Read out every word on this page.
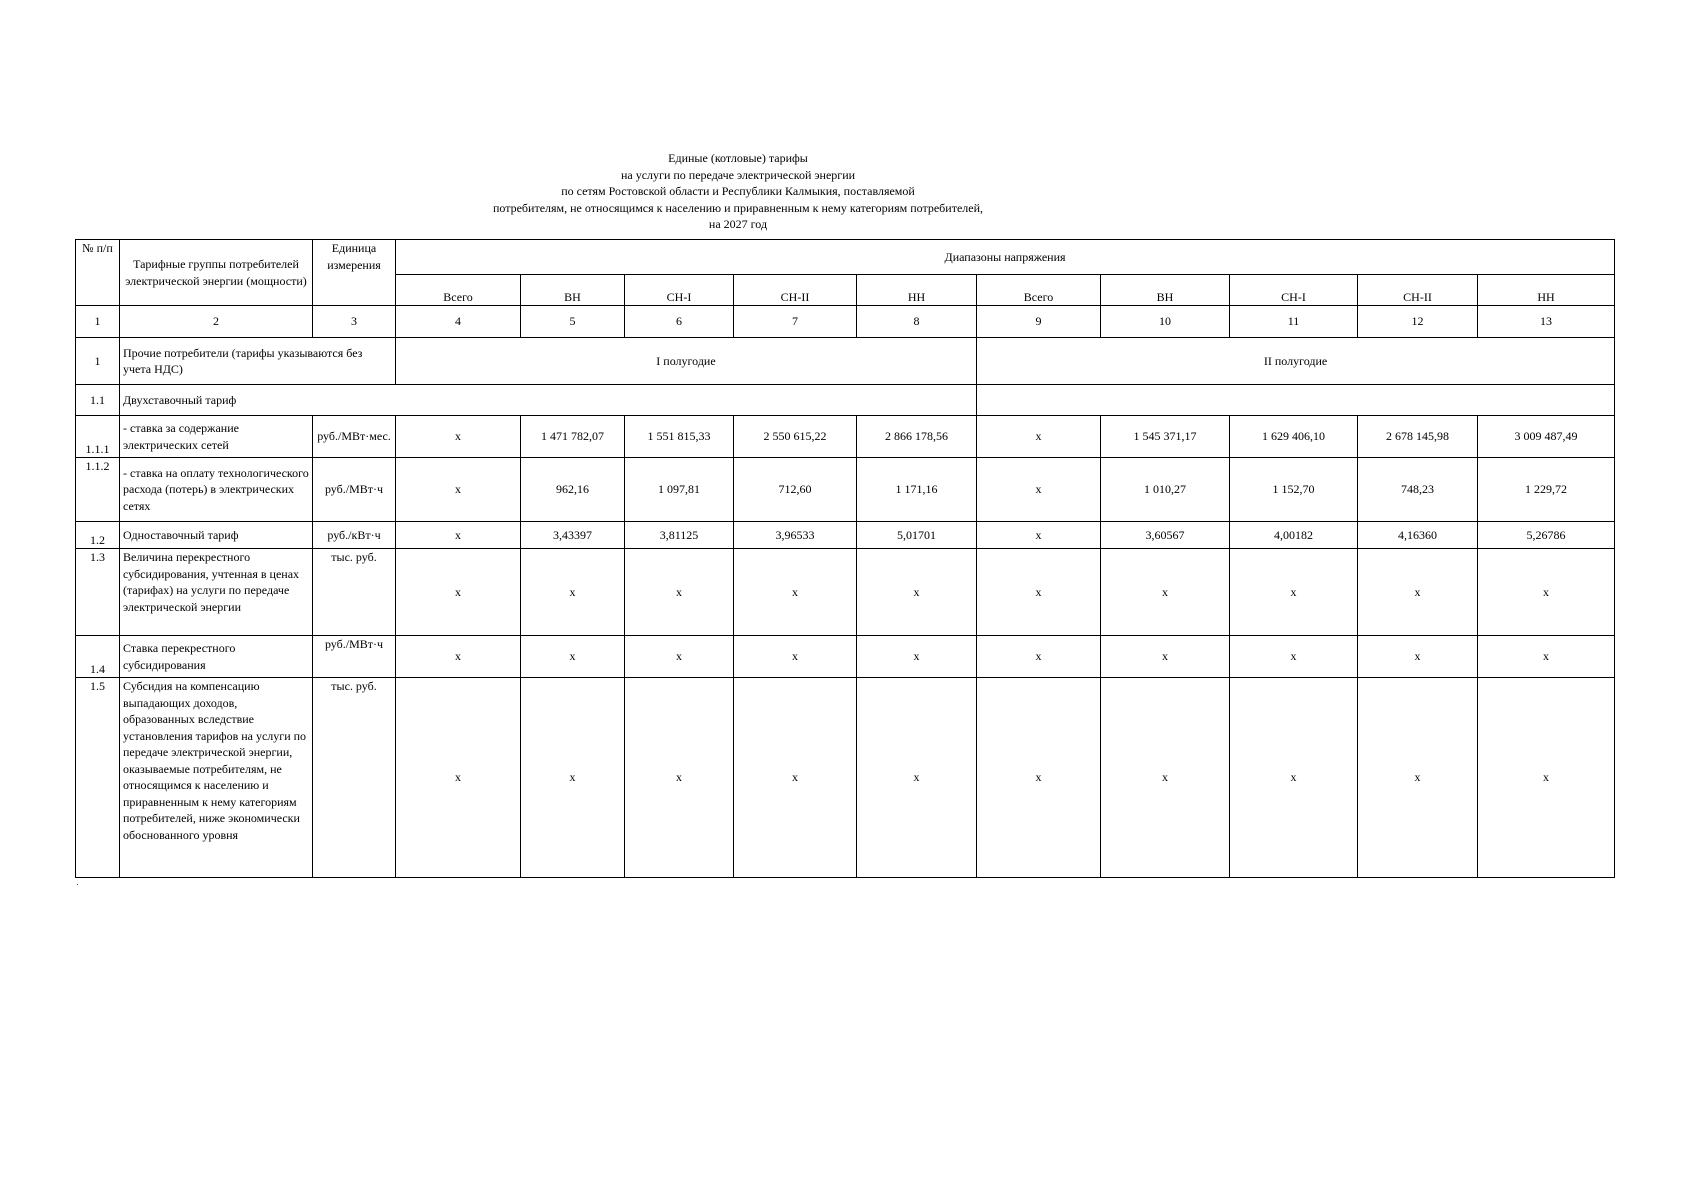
Единые (котловые) тарифы
на услуги по передаче электрической энергии
по сетям Ростовской области и Республики Калмыкия, поставляемой
потребителям, не относящимся к населению и приравненным к нему категориям потребителей,
на 2027 год
№ п/п	Тарифные группы потребителей электрической энергии (мощности)	Единица измерения	Диапазоны напряжения									
			Всего	ВН	СН-I	СН-II	НН	Всего	ВН	СН-I	СН-II	НН
1	2	3	4	5	6	7	8	9	10	11	12	13
1	Прочие потребители (тарифы указываются без учета НДС)		I полугодие					II полугодие				
1.1	Двухставочный тариф											
1.1.1	- ставка за содержание электрических сетей	руб./МВт·мес.	х	1 471 782,07	1 551 815,33	2 550 615,22	2 866 178,56	х	1 545 371,17	1 629 406,10	2 678 145,98	3 009 487,49
1.1.2	- ставка на оплату технологического расхода (потерь) в электрических сетях	руб./МВт·ч	х	962,16	1 097,81	712,60	1 171,16	х	1 010,27	1 152,70	748,23	1 229,72
1.2	Одноставочный тариф	руб./кВт·ч	х	3,43397	3,81125	3,96533	5,01701	х	3,60567	4,00182	4,16360	5,26786
1.3	Величина перекрестного субсидирования, учтенная в ценах (тарифах) на услуги по передаче электрической энергии	тыс. руб.	х	х	х	х	х	х	х	х	х	х
1.4	Ставка перекрестного субсидирования	руб./МВт·ч	х	х	х	х	х	х	х	х	х	х
1.5	Субсидия на компенсацию выпадающих доходов, образованных вследствие установления тарифов на услуги по передаче электрической энергии, оказываемые потребителям, не относящимся к населению и приравненным к нему категориям потребителей, ниже экономически обоснованного уровня	тыс. руб.	х	х	х	х	х	х	х	х	х	х
